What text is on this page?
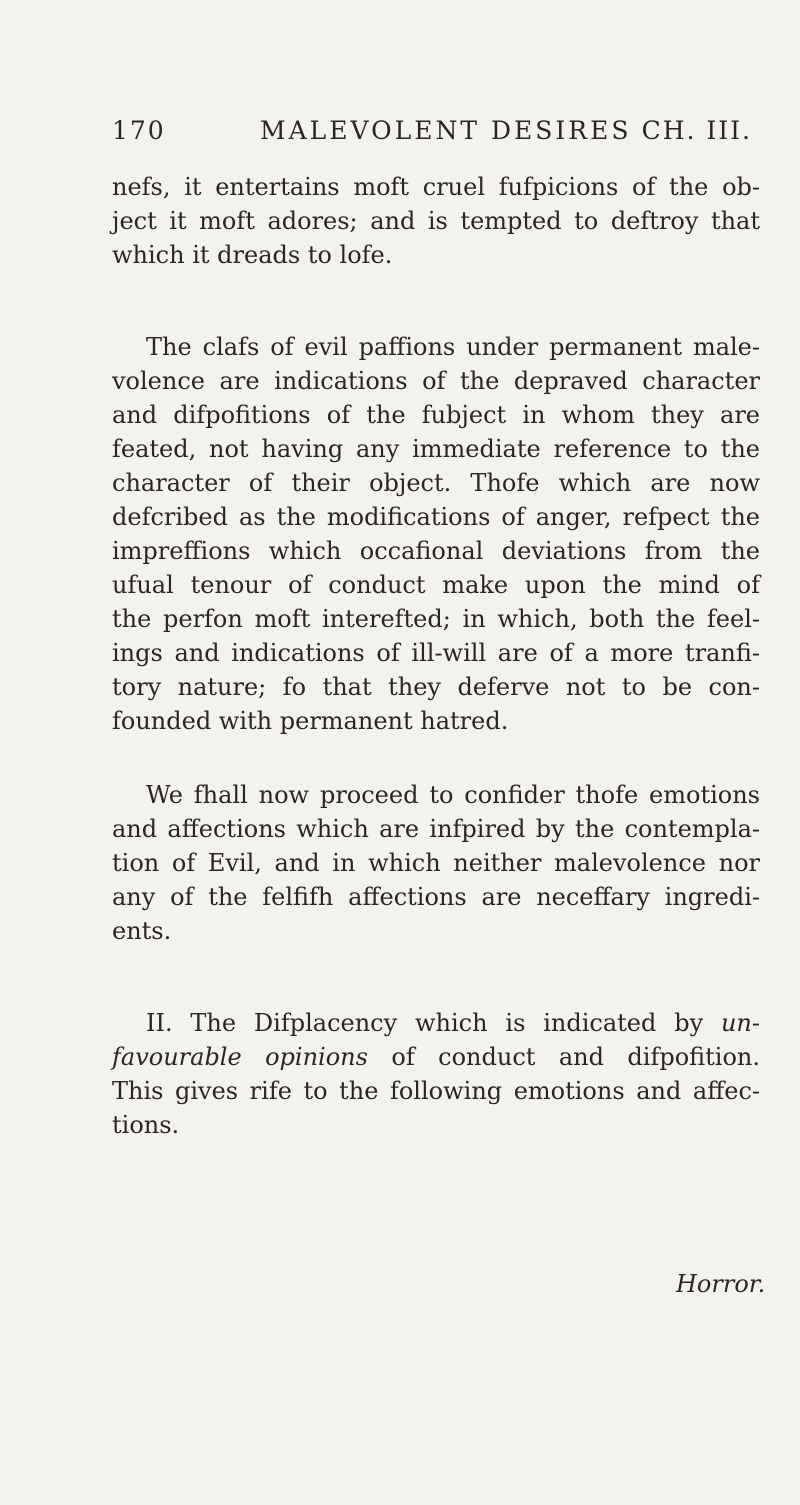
170	MALEVOLENT DESIRES CH. III.
nefs, it entertains moft cruel fufpicions of the ob-
ject it moft adores; and is tempted to deftroy that
which it dreads to lofe.
The clafs of evil paffions under permanent male-
volence are indications of the depraved character
and difpofitions of the fubject in whom they are
feated, not having any immediate reference to the
character of their object. Thofe which are now
defcribed as the modifications of anger, refpect the
impreffions which occafional deviations from the
ufual tenour of conduct make upon the mind of
the perfon moft interefted; in which, both the feel-
ings and indications of ill-will are of a more tranfi-
tory nature; fo that they deferve not to be con-
founded with permanent hatred.
We fhall now proceed to confider thofe emotions
and affections which are infpired by the contempla-
tion of Evil, and in which neither malevolence nor
any of the felfifh affections are neceffary ingredi-
ents.
II. The Difplacency which is indicated by un-
favourable opinions of conduct and difpofition.
This gives rife to the following emotions and affec-
tions.
Horror.
